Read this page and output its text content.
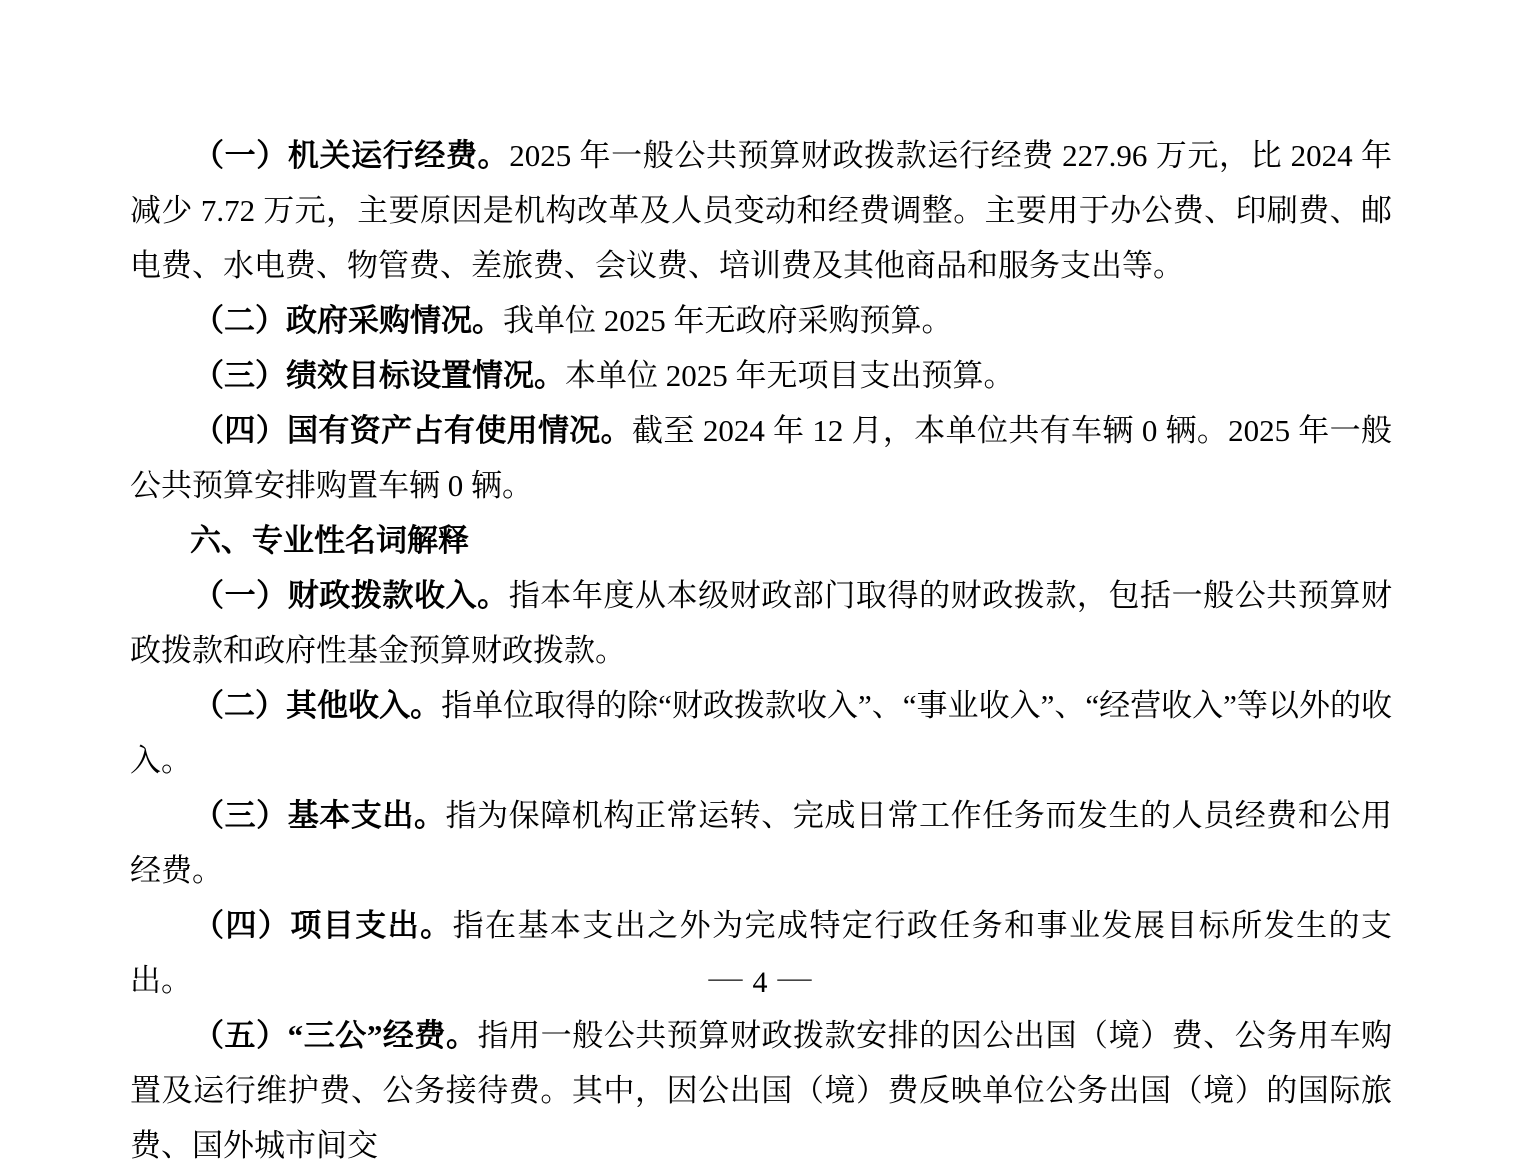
（一）机关运行经费。2025 年一般公共预算财政拨款运行经费 227.96 万元，比 2024 年减少 7.72 万元，主要原因是机构改革及人员变动和经费调整。主要用于办公费、印刷费、邮电费、水电费、物管费、差旅费、会议费、培训费及其他商品和服务支出等。

（二）政府采购情况。我单位 2025 年无政府采购预算。

（三）绩效目标设置情况。本单位 2025 年无项目支出预算。

（四）国有资产占有使用情况。截至 2024 年 12 月，本单位共有车辆 0 辆。2025 年一般公共预算安排购置车辆 0 辆。

六、专业性名词解释

（一）财政拨款收入。指本年度从本级财政部门取得的财政拨款，包括一般公共预算财政拨款和政府性基金预算财政拨款。

（二）其他收入。指单位取得的除“财政拨款收入”、“事业收入”、“经营收入”等以外的收入。

（三）基本支出。指为保障机构正常运转、完成日常工作任务而发生的人员经费和公用经费。

（四）项目支出。指在基本支出之外为完成特定行政任务和事业发展目标所发生的支出。

（五）“三公”经费。指用一般公共预算财政拨款安排的因公出国（境）费、公务用车购置及运行维护费、公务接待费。其中，因公出国（境）费反映单位公务出国（境）的国际旅费、国外城市间交

— 4 —
